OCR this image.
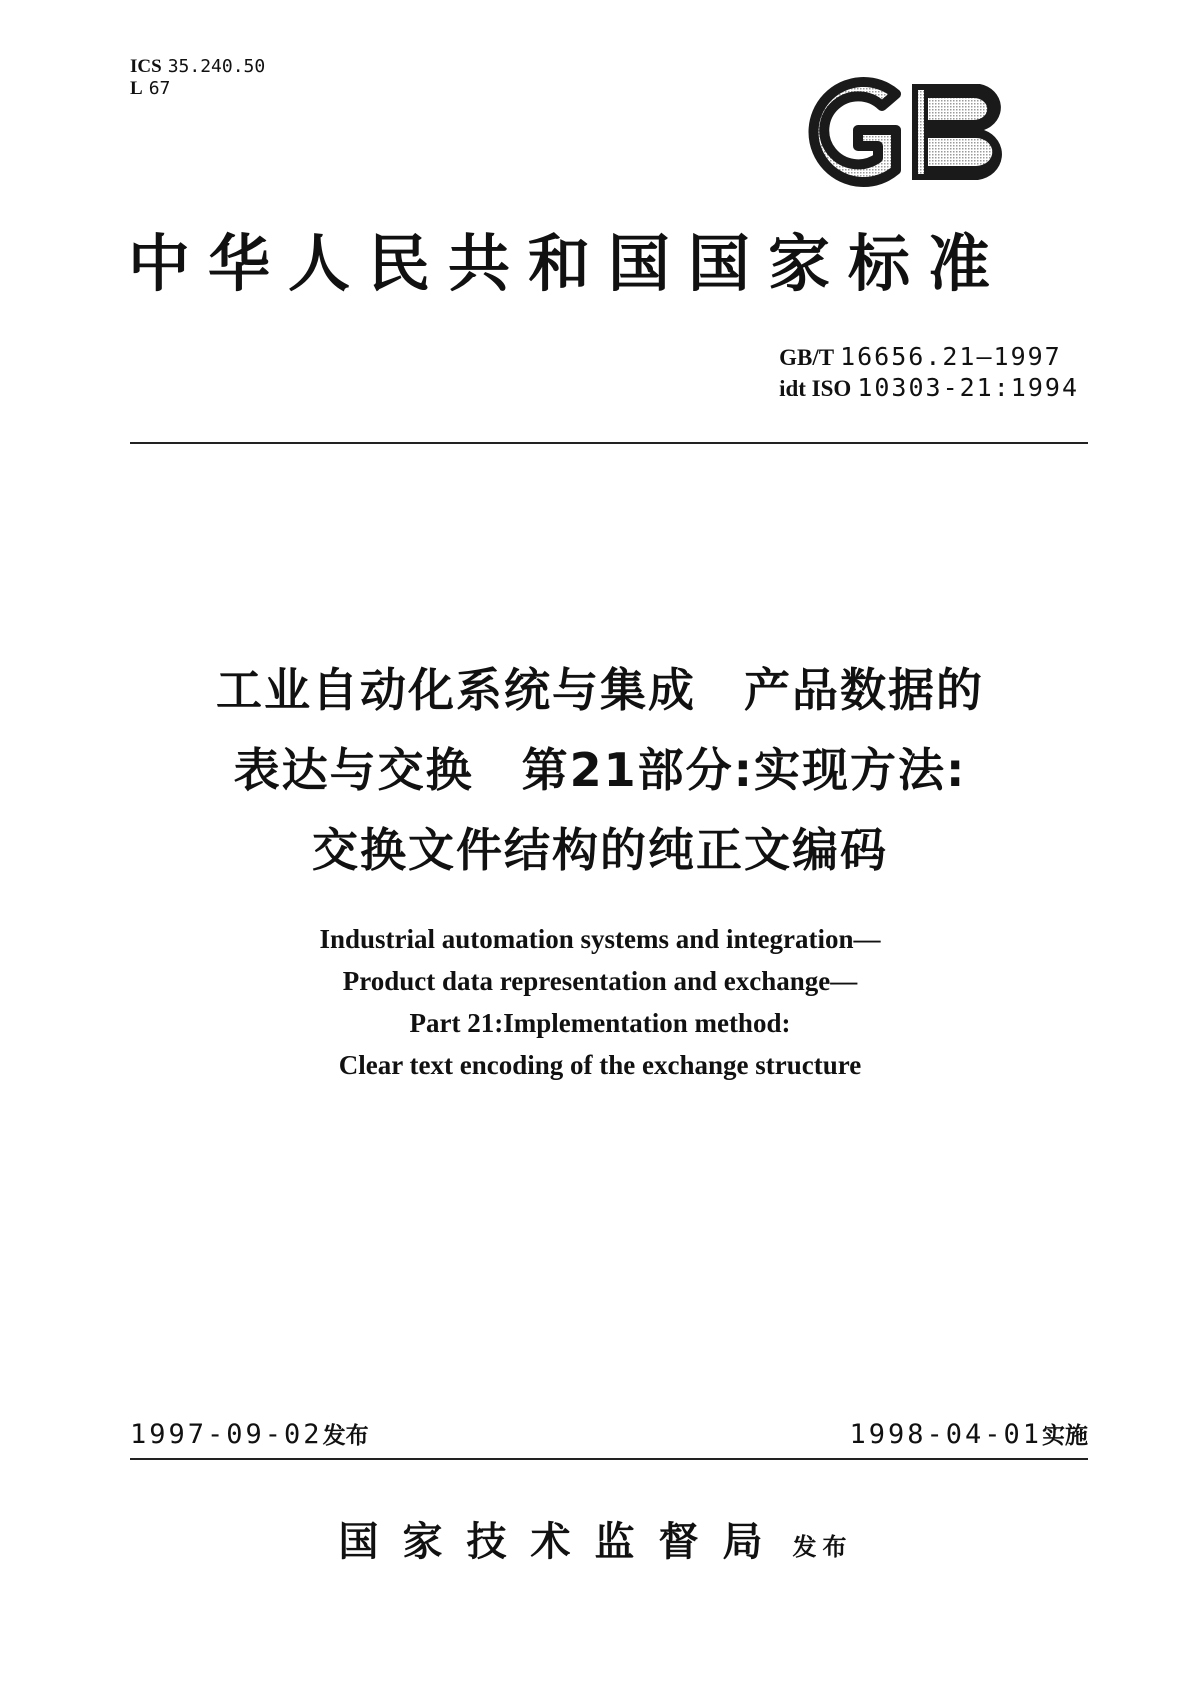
ICS 35.240.50
L 67
中华人民共和国国家标准
GB/T 16656.21—1997
idt ISO 10303-21:1994
工业自动化系统与集成　产品数据的
表达与交换　第21部分:实现方法:
交换文件结构的纯正文编码
Industrial automation systems and integration—
Product data representation and exchange—
Part 21:Implementation method:
Clear text encoding of the exchange structure
1997-09-02发布	1998-04-01实施
国家技术监督局 发布
